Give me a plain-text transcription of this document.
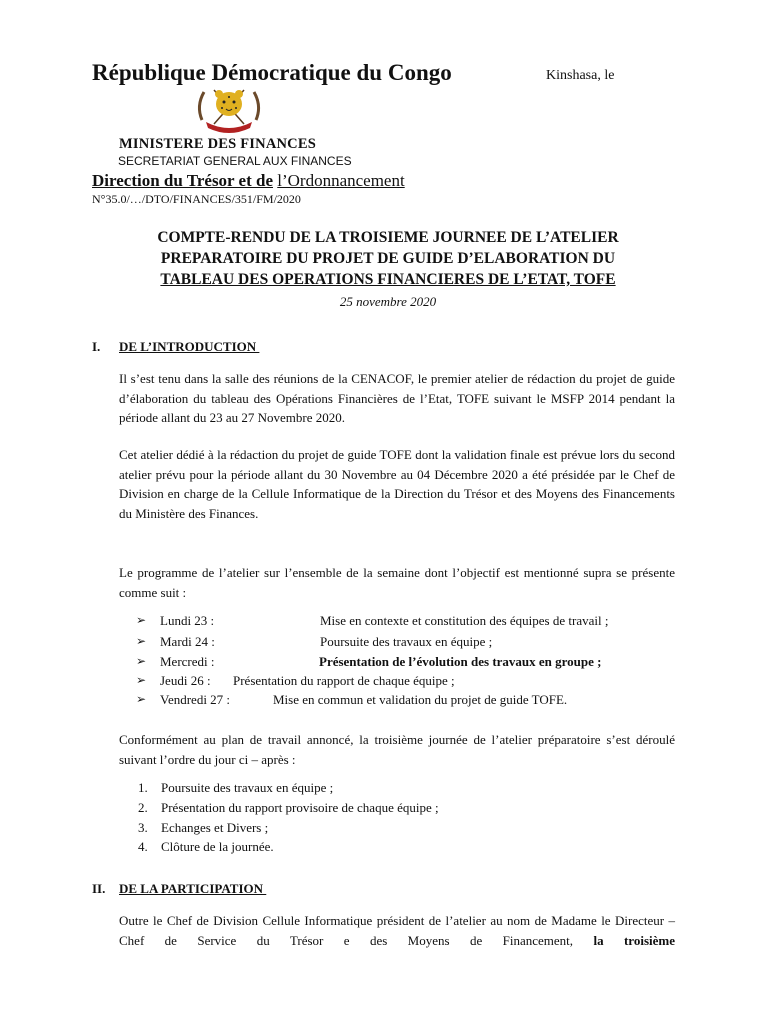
République Démocratique du Congo	Kinshasa, le
MINISTERE DES FINANCES
SECRETARIAT GENERAL AUX FINANCES
Direction du Trésor et de l’Ordonnancement
N°35.0/…/DTO/FINANCES/351/FM/2020
COMPTE-RENDU DE LA TROISIEME JOURNEE DE L’ATELIER
PREPARATOIRE DU PROJET DE GUIDE D’ELABORATION DU
TABLEAU DES OPERATIONS FINANCIERES DE L’ETAT, TOFE
25 novembre 2020
I. DE L’INTRODUCTION
Il s’est tenu dans la salle des réunions de la CENACOF, le premier atelier de rédaction du projet de guide d’élaboration du tableau des Opérations Financières de l’Etat, TOFE suivant le MSFP 2014 pendant la période allant du 23 au 27 Novembre 2020.
Cet atelier dédié à la rédaction du projet de guide TOFE dont la validation finale est prévue lors du second atelier prévu pour la période allant du 30 Novembre au 04 Décembre 2020 a été présidée par le Chef de Division en charge de la Cellule Informatique de la Direction du Trésor et des Moyens des Financements du Ministère des Finances.
Le programme de l’atelier sur l’ensemble de la semaine dont l’objectif est mentionné supra se présente comme suit :
➢ Lundi 23 :	Mise en contexte et constitution des équipes de travail ;
➢ Mardi 24 :	Poursuite des travaux en équipe ;
➢ Mercredi :	Présentation de l’évolution des travaux en groupe ;
➢ Jeudi 26 : Présentation du rapport de chaque équipe ;
➢ Vendredi 27 :	Mise en commun et validation du projet de guide TOFE.
Conformément au plan de travail annoncé, la troisième journée de l’atelier préparatoire s’est déroulé suivant l’ordre du jour ci – après :
1. Poursuite des travaux en équipe ;
2. Présentation du rapport provisoire de chaque équipe ;
3. Echanges et Divers ;
4. Clôture de la journée.
II. DE LA PARTICIPATION
Outre le Chef de Division Cellule Informatique président de l’atelier au nom de Madame le Directeur – Chef de Service du Trésor e des Moyens de Financement, la troisième
